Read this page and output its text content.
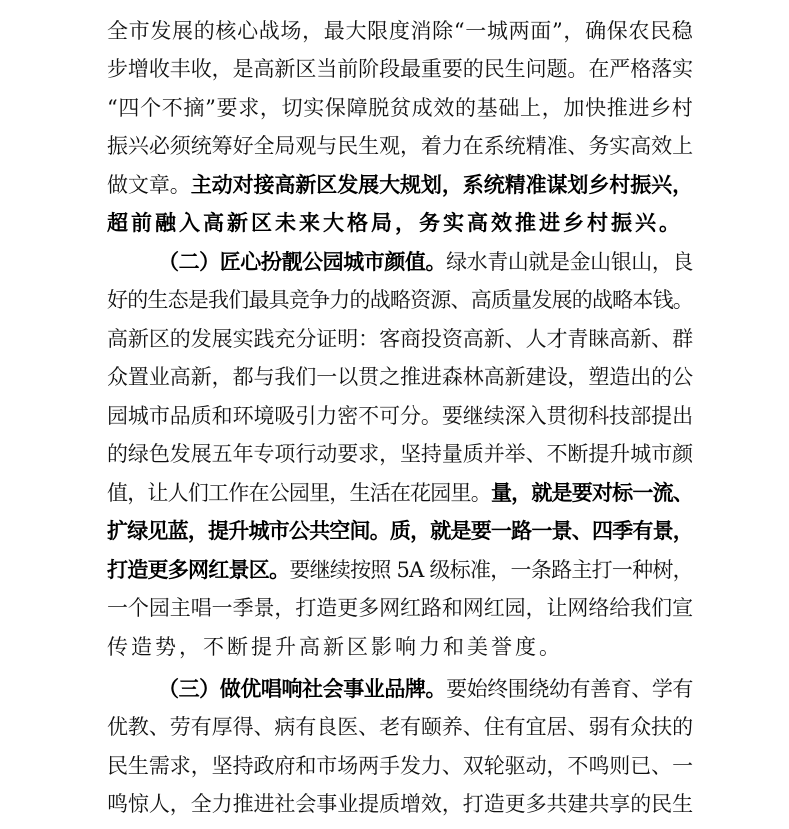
全市发展的核心战场，最大限度消除“一城两面”，确保农民稳
步增收丰收，是高新区当前阶段最重要的民生问题。在严格落实
“四个不摘”要求，切实保障脱贫成效的基础上，加快推进乡村
振兴必须统筹好全局观与民生观，着力在系统精准、务实高效上
做文章。主动对接高新区发展大规划，系统精准谋划乡村振兴，
超前融入高新区未来大格局，务实高效推进乡村振兴。
（二）匠心扮靓公园城市颜值。绿水青山就是金山银山，良
好的生态是我们最具竞争力的战略资源、高质量发展的战略本钱。
高新区的发展实践充分证明：客商投资高新、人才青睐高新、群
众置业高新，都与我们一以贯之推进森林高新建设，塑造出的公
园城市品质和环境吸引力密不可分。要继续深入贯彻科技部提出
的绿色发展五年专项行动要求，坚持量质并举、不断提升城市颜
值，让人们工作在公园里，生活在花园里。量，就是要对标一流、
扩绿见蓝，提升城市公共空间。质，就是要一路一景、四季有景，
打造更多网红景区。要继续按照 5A 级标准，一条路主打一种树，
一个园主唱一季景，打造更多网红路和网红园，让网络给我们宣
传造势，不断提升高新区影响力和美誉度。
（三）做优唱响社会事业品牌。要始终围绕幼有善育、学有
优教、劳有厚得、病有良医、老有颐养、住有宜居、弱有众扶的
民生需求，坚持政府和市场两手发力、双轮驱动，不鸣则已、一
鸣惊人，全力推进社会事业提质增效，打造更多共建共享的民生
